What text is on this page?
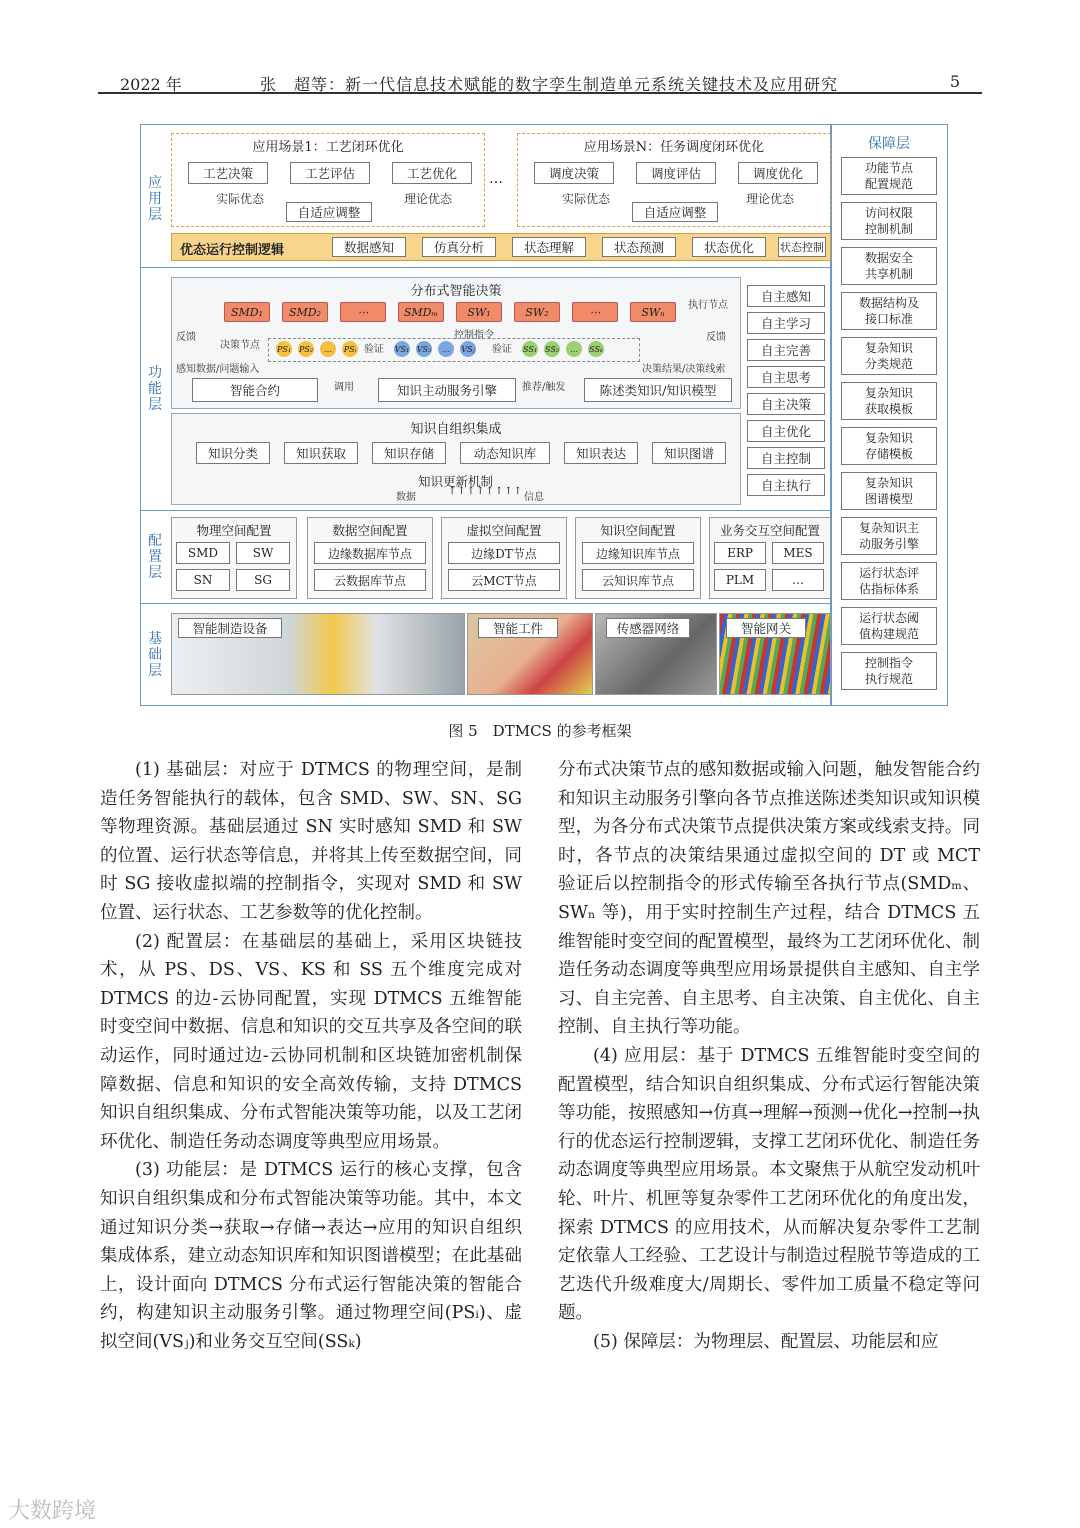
2022 年	张　超等：新一代信息技术赋能的数字孪生制造单元系统关键技术及应用研究	5
应用层
功能层
配置层
基础层
应用场景1：工艺闭环优化
工艺决策	工艺评估	工艺优化
实际优态	理论优态
自适应调整
…
应用场景N：任务调度闭环优化
调度决策	调度评估	调度优化
实际优态	理论优态
自适应调整
优态运行控制逻辑	数据感知	仿真分析	状态理解	状态预测	状态优化	状态控制
分布式智能决策
SMD₁	SMD₂	⋯	SMDₘ	SW₁	SW₂	⋯	SWₙ	执行节点
反馈	反馈
决策节点
控制指令
PS₁ PS₂	…	PSᵢ 验证 VS₁ VS₂	…	VSⱼ 验证 SS₁ SS₂	…	SSₖ
感知数据/问题输入	决策结果/决策线索
智能合约	调用	知识主动服务引擎	推荐/触发	陈述类知识/知识模型
知识自组织集成
知识分类	知识获取	知识存储	动态知识库	知识表达	知识图谱
知识更新机制
↑↑↑↑↑↑↑↑
数据	信息
自主感知
自主学习
自主完善
自主思考
自主决策
自主优化
自主控制
自主执行
物理空间配置
SMD	SW
SN	SG
数据空间配置
边缘数据库节点
云数据库节点
虚拟空间配置
边缘DT节点
云MCT节点
知识空间配置
边缘知识库节点
云知识库节点
业务交互空间配置
ERP	MES
PLM	…
智能制造设备	智能工件	传感器网络	智能网关
保障层
功能节点
配置规范
访问权限
控制机制
数据安全
共享机制
数据结构及
接口标准
复杂知识
分类规范
复杂知识
获取模板
复杂知识
存储模板
复杂知识
图谱模型
复杂知识主
动服务引擎
运行状态评
估指标体系
运行状态阈
值构建规范
控制指令
执行规范
图 5　DTMCS 的参考框架

(1) 基础层：对应于 DTMCS 的物理空间，是制造任务智能执行的载体，包含 SMD、SW、SN、SG 等物理资源。基础层通过 SN 实时感知 SMD 和 SW 的位置、运行状态等信息，并将其上传至数据空间，同时 SG 接收虚拟端的控制指令，实现对 SMD 和 SW 位置、运行状态、工艺参数等的优化控制。

(2) 配置层：在基础层的基础上，采用区块链技术，从 PS、DS、VS、KS 和 SS 五个维度完成对 DTMCS 的边-云协同配置，实现 DTMCS 五维智能时变空间中数据、信息和知识的交互共享及各空间的联动运作，同时通过边-云协同机制和区块链加密机制保障数据、信息和知识的安全高效传输，支持 DTMCS 知识自组织集成、分布式智能决策等功能，以及工艺闭环优化、制造任务动态调度等典型应用场景。

(3) 功能层：是 DTMCS 运行的核心支撑，包含知识自组织集成和分布式智能决策等功能。其中，本文通过知识分类→获取→存储→表达→应用的知识自组织集成体系，建立动态知识库和知识图谱模型；在此基础上，设计面向 DTMCS 分布式运行智能决策的智能合约，构建知识主动服务引擎。通过物理空间(PSᵢ)、虚拟空间(VSⱼ)和业务交互空间(SSₖ)

分布式决策节点的感知数据或输入问题，触发智能合约和知识主动服务引擎向各节点推送陈述类知识或知识模型，为各分布式决策节点提供决策方案或线索支持。同时，各节点的决策结果通过虚拟空间的 DT 或 MCT 验证后以控制指令的形式传输至各执行节点(SMDₘ、SWₙ 等)，用于实时控制生产过程，结合 DTMCS 五维智能时变空间的配置模型，最终为工艺闭环优化、制造任务动态调度等典型应用场景提供自主感知、自主学习、自主完善、自主思考、自主决策、自主优化、自主控制、自主执行等功能。

(4) 应用层：基于 DTMCS 五维智能时变空间的配置模型，结合知识自组织集成、分布式运行智能决策等功能，按照感知→仿真→理解→预测→优化→控制→执行的优态运行控制逻辑，支撑工艺闭环优化、制造任务动态调度等典型应用场景。本文聚焦于从航空发动机叶轮、叶片、机匣等复杂零件工艺闭环优化的角度出发，探索 DTMCS 的应用技术，从而解决复杂零件工艺制定依靠人工经验、工艺设计与制造过程脱节等造成的工艺迭代升级难度大/周期长、零件加工质量不稳定等问题。

(5) 保障层：为物理层、配置层、功能层和应

大数跨境
